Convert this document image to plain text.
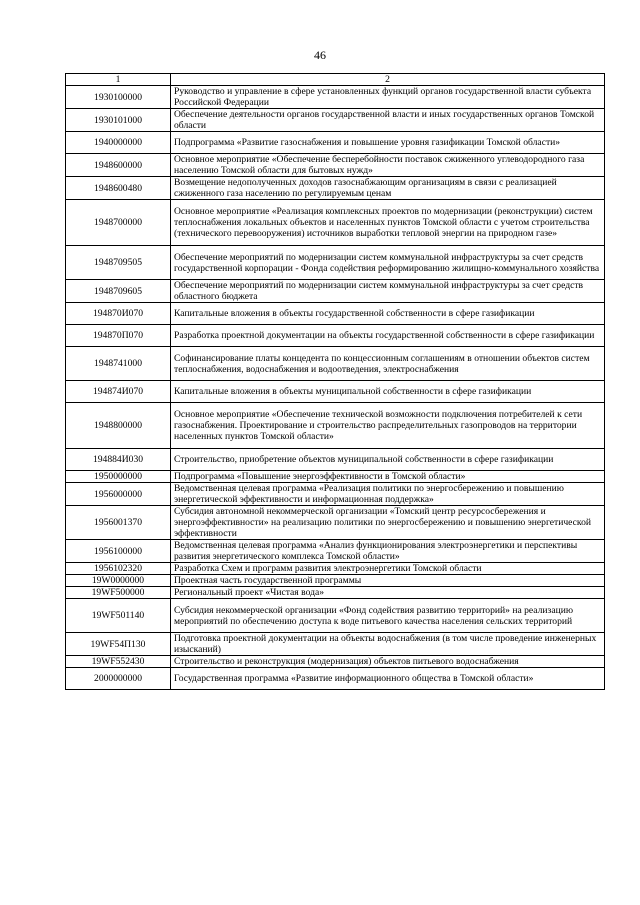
46
1	2
1930100000	Руководство и управление в сфере установленных функций органов государственной власти субъекта Российской Федерации
1930101000	Обеспечение деятельности органов государственной власти и иных государственных органов Томской области
1940000000	Подпрограмма «Развитие газоснабжения и повышение уровня газификации Томской области»
1948600000	Основное мероприятие «Обеспечение бесперебойности поставок сжиженного углеводородного газа населению Томской области для бытовых нужд»
1948600480	Возмещение недополученных доходов газоснабжающим организациям в связи с реализацией сжиженного газа населению по регулируемым ценам
1948700000	Основное мероприятие «Реализация комплексных проектов по модернизации (реконструкции) систем теплоснабжения локальных объектов и населенных пунктов Томской области с учетом строительства (технического перевооружения) источников выработки тепловой энергии на природном газе»
1948709505	Обеспечение мероприятий по модернизации систем коммунальной инфраструктуры за счет средств государственной корпорации - Фонда содействия реформированию жилищно-коммунального хозяйства
1948709605	Обеспечение мероприятий по модернизации систем коммунальной инфраструктуры за счет средств областного бюджета
194870И070	Капитальные вложения в объекты государственной собственности в сфере газификации
194870П070	Разработка проектной документации на объекты государственной собственности в сфере газификации
1948741000	Софинансирование платы концедента по концессионным соглашениям в отношении объектов систем теплоснабжения, водоснабжения и водоотведения, электроснабжения
194874И070	Капитальные вложения в объекты муниципальной собственности в сфере газификации
1948800000	Основное мероприятие «Обеспечение технической возможности подключения потребителей к сети газоснабжения. Проектирование и строительство распределительных газопроводов на территории населенных пунктов Томской области»
194884И030	Строительство, приобретение объектов муниципальной собственности в сфере газификации
1950000000	Подпрограмма «Повышение энергоэффективности в Томской области»
1956000000	Ведомственная целевая программа «Реализация политики по энергосбережению и повышению энергетической эффективности и информационная поддержка»
1956001370	Субсидия автономной некоммерческой организации «Томский центр ресурсосбережения и энергоэффективности» на реализацию политики по энергосбережению и повышению энергетической эффективности
1956100000	Ведомственная целевая программа «Анализ функционирования электроэнергетики и перспективы развития энергетического комплекса Томской области»
1956102320	Разработка Схем и программ развития электроэнергетики Томской области
19W0000000	Проектная часть государственной программы
19WF500000	Региональный проект «Чистая вода»
19WF501140	Субсидия некоммерческой организации «Фонд содействия развитию территорий» на реализацию мероприятий по обеспечению доступа к воде питьевого качества населения сельских территорий
19WF54П130	Подготовка проектной документации на объекты водоснабжения (в том числе проведение инженерных изысканий)
19WF552430	Строительство и реконструкция (модернизация) объектов питьевого водоснабжения
2000000000	Государственная программа «Развитие информационного общества в Томской области»
